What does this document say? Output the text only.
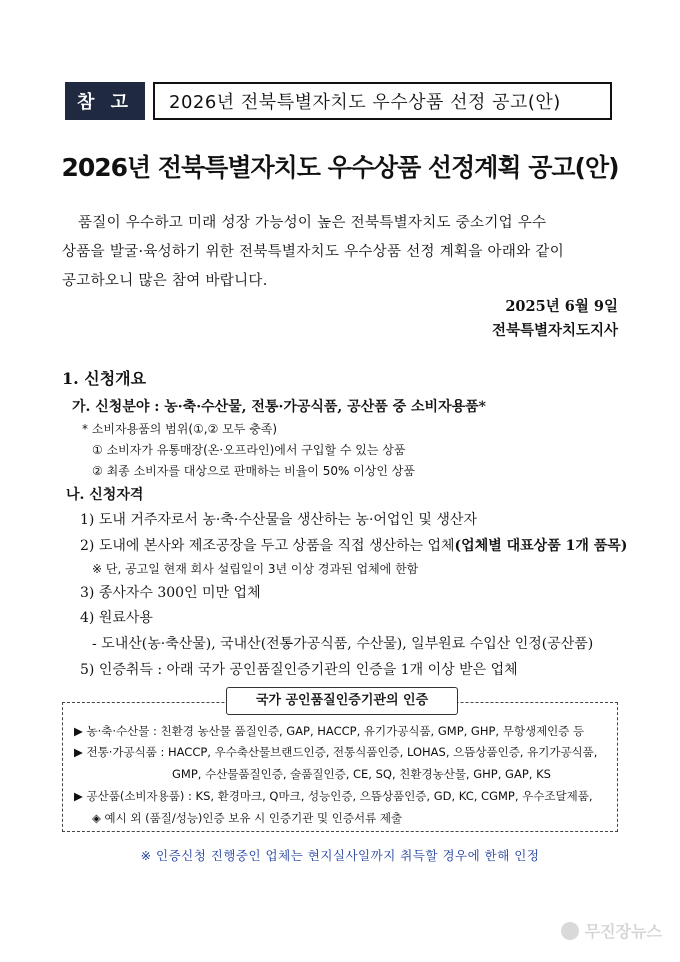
참 고	2026년 전북특별자치도 우수상품 선정 공고(안)
2026년 전북특별자치도 우수상품 선정계획 공고(안)
품질이 우수하고 미래 성장 가능성이 높은 전북특별자치도 중소기업 우수
상품을 발굴·육성하기 위한 전북특별자치도 우수상품 선정 계획을 아래와 같이
공고하오니 많은 참여 바랍니다.
2025년 6월 9일
전북특별자치도지사
1. 신청개요
가. 신청분야 : 농·축·수산물, 전통·가공식품, 공산품 중 소비자용품*
* 소비자용품의 범위(①,② 모두 충족)
① 소비자가 유통매장(온·오프라인)에서 구입할 수 있는 상품
② 최종 소비자를 대상으로 판매하는 비율이 50% 이상인 상품
나. 신청자격
1) 도내 거주자로서 농·축·수산물을 생산하는 농·어업인 및 생산자
2) 도내에 본사와 제조공장을 두고 상품을 직접 생산하는 업체(업체별 대표상품 1개 품목)
※ 단, 공고일 현재 회사 설립일이 3년 이상 경과된 업체에 한함
3) 종사자수 300인 미만 업체
4) 원료사용
- 도내산(농·축산물), 국내산(전통가공식품, 수산물), 일부원료 수입산 인정(공산품)
5) 인증취득 : 아래 국가 공인품질인증기관의 인증을 1개 이상 받은 업체
국가 공인품질인증기관의 인증
▶ 농·축·수산물 : 친환경 농산물 품질인증, GAP, HACCP, 유기가공식품, GMP, GHP, 무항생제인증 등
▶ 전통·가공식품 : HACCP, 우수축산물브랜드인증, 전통식품인증, LOHAS, 으뜸상품인증, 유기가공식품,
GMP, 수산물품질인증, 술품질인증, CE, SQ, 친환경농산물, GHP, GAP, KS
▶ 공산품(소비자용품) : KS, 환경마크, Q마크, 성능인증, 으뜸상품인증, GD, KC, CGMP, 우수조달제품,
◈ 예시 외 (품질/성능)인증 보유 시 인증기관 및 인증서류 제출
※ 인증신청 진행중인 업체는 현지실사일까지 취득할 경우에 한해 인정
무진장뉴스
